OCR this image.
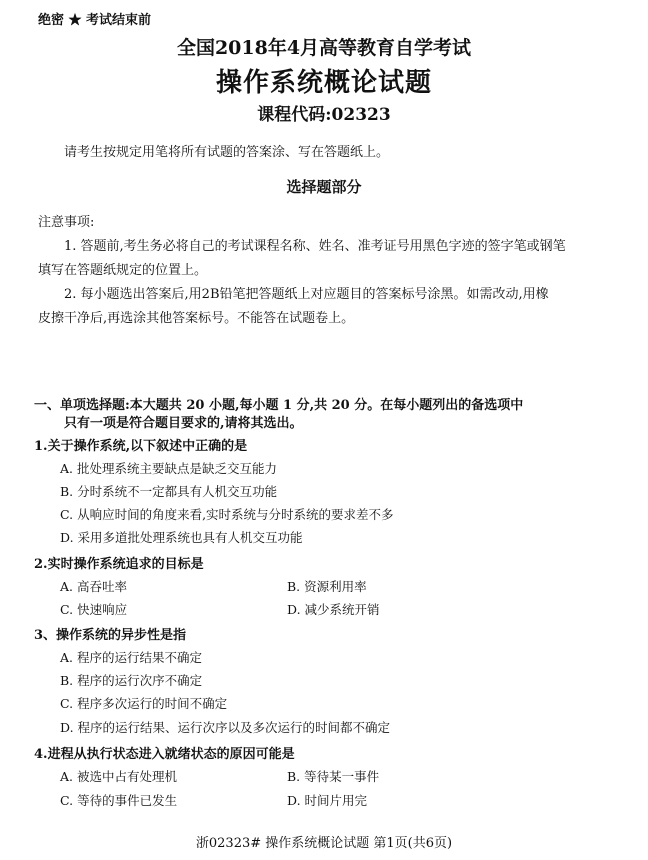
绝密 ★ 考试结束前
全国2018年4月高等教育自学考试
操作系统概论试题
课程代码:02323
请考生按规定用笔将所有试题的答案涂、写在答题纸上。
选择题部分
注意事项:
1. 答题前,考生务必将自己的考试课程名称、姓名、准考证号用黑色字迹的签字笔或钢笔
填写在答题纸规定的位置上。
2. 每小题选出答案后,用2B铅笔把答题纸上对应题目的答案标号涂黑。如需改动,用橡
皮擦干净后,再选涂其他答案标号。不能答在试题卷上。
一、单项选择题:本大题共 20 小题,每小题 1 分,共 20 分。在每小题列出的备选项中
只有一项是符合题目要求的,请将其选出。
1.关于操作系统,以下叙述中正确的是
A. 批处理系统主要缺点是缺乏交互能力
B. 分时系统不一定都具有人机交互功能
C. 从响应时间的角度来看,实时系统与分时系统的要求差不多
D. 采用多道批处理系统也具有人机交互功能
2.实时操作系统追求的目标是
A. 高吞吐率	B. 资源利用率
C. 快速响应	D. 减少系统开销
3、操作系统的异步性是指
A. 程序的运行结果不确定
B. 程序的运行次序不确定
C. 程序多次运行的时间不确定
D. 程序的运行结果、运行次序以及多次运行的时间都不确定
4.进程从执行状态进入就绪状态的原因可能是
A. 被选中占有处理机	B. 等待某一事件
C. 等待的事件已发生	D. 时间片用完
浙02323# 操作系统概论试题 第1页(共6页)
